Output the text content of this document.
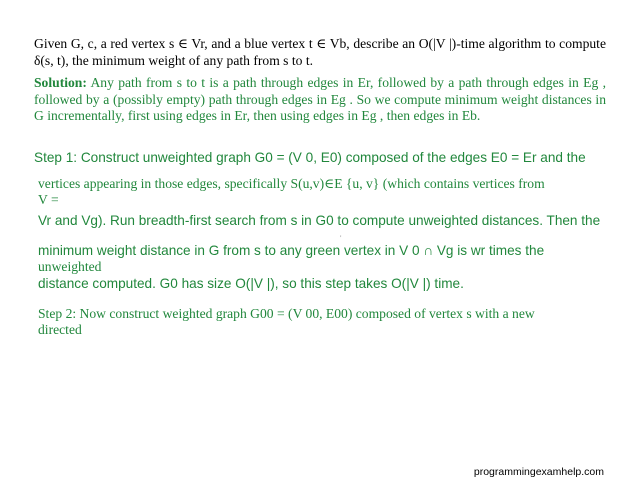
Given G, c, a red vertex s ∈ Vr, and a blue vertex t ∈ Vb, describe an O(|V |)-time algorithm to compute δ(s, t), the minimum weight of any path from s to t.

Solution: Any path from s to t is a path through edges in Er, followed by a path through edges in Eg , followed by a (possibly empty) path through edges in Eg . So we compute minimum weight distances in G incrementally, first using edges in Er, then using edges in Eg , then edges in Eb.

Step 1: Construct unweighted graph G0 = (V 0, E0) composed of the edges E0 = Er and the
vertices appearing in those edges, specifically S(u,v)∈E {u, v} (which contains vertices from
V =
Vr and Vg). Run breadth-first search from s in G0 to compute unweighted distances. Then the
,
minimum weight distance in G from s to any green vertex in V 0 ∩ Vg is wr times the
unweighted
distance computed. G0 has size O(|V |), so this step takes O(|V |) time.
Step 2: Now construct weighted graph G00 = (V 00, E00) composed of vertex s with a new
directed
programmingexamhelp.com
